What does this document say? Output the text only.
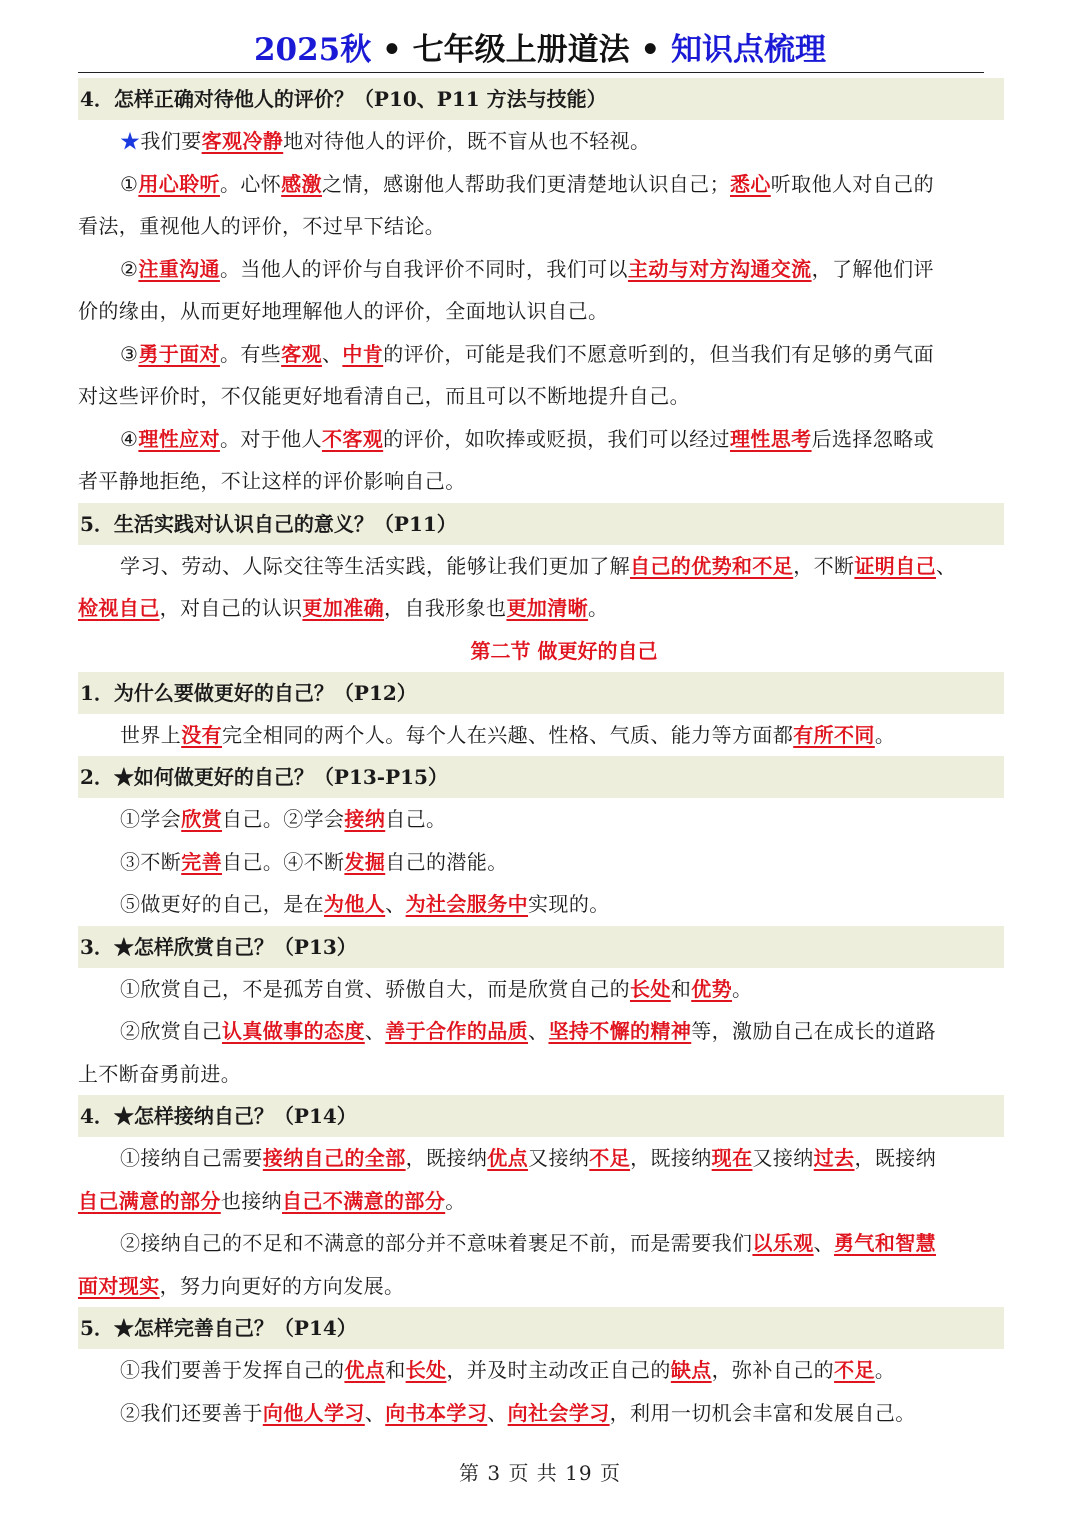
2025秋 • 七年级上册道法 • 知识点梳理
4．怎样正确对待他人的评价？（P10、P11 方法与技能）

★我们要客观冷静地对待他人的评价，既不盲从也不轻视。

①用心聆听。心怀感激之情，感谢他人帮助我们更清楚地认识自己；悉心听取他人对自己的

看法，重视他人的评价，不过早下结论。

②注重沟通。当他人的评价与自我评价不同时，我们可以主动与对方沟通交流，了解他们评

价的缘由，从而更好地理解他人的评价，全面地认识自己。

③勇于面对。有些客观、中肯的评价，可能是我们不愿意听到的，但当我们有足够的勇气面

对这些评价时，不仅能更好地看清自己，而且可以不断地提升自己。

④理性应对。对于他人不客观的评价，如吹捧或贬损，我们可以经过理性思考后选择忽略或

者平静地拒绝，不让这样的评价影响自己。

5．生活实践对认识自己的意义？（P11）

学习、劳动、人际交往等生活实践，能够让我们更加了解自己的优势和不足，不断证明自己、

检视自己，对自己的认识更加准确，自我形象也更加清晰。

第二节 做更好的自己
1．为什么要做更好的自己？（P12）

世界上没有完全相同的两个人。每个人在兴趣、性格、气质、能力等方面都有所不同。

2．★如何做更好的自己？（P13-P15）

①学会欣赏自己。②学会接纳自己。

③不断完善自己。④不断发掘自己的潜能。

⑤做更好的自己，是在为他人、为社会服务中实现的。

3．★怎样欣赏自己？（P13）

①欣赏自己，不是孤芳自赏、骄傲自大，而是欣赏自己的长处和优势。

②欣赏自己认真做事的态度、善于合作的品质、坚持不懈的精神等，激励自己在成长的道路

上不断奋勇前进。

4．★怎样接纳自己？（P14）

①接纳自己需要接纳自己的全部，既接纳优点又接纳不足，既接纳现在又接纳过去，既接纳

自己满意的部分也接纳自己不满意的部分。

②接纳自己的不足和不满意的部分并不意味着裹足不前，而是需要我们以乐观、勇气和智慧

面对现实，努力向更好的方向发展。

5．★怎样完善自己？（P14）

①我们要善于发挥自己的优点和长处，并及时主动改正自己的缺点，弥补自己的不足。

②我们还要善于向他人学习、向书本学习、向社会学习，利用一切机会丰富和发展自己。

第 3 页 共 19 页
